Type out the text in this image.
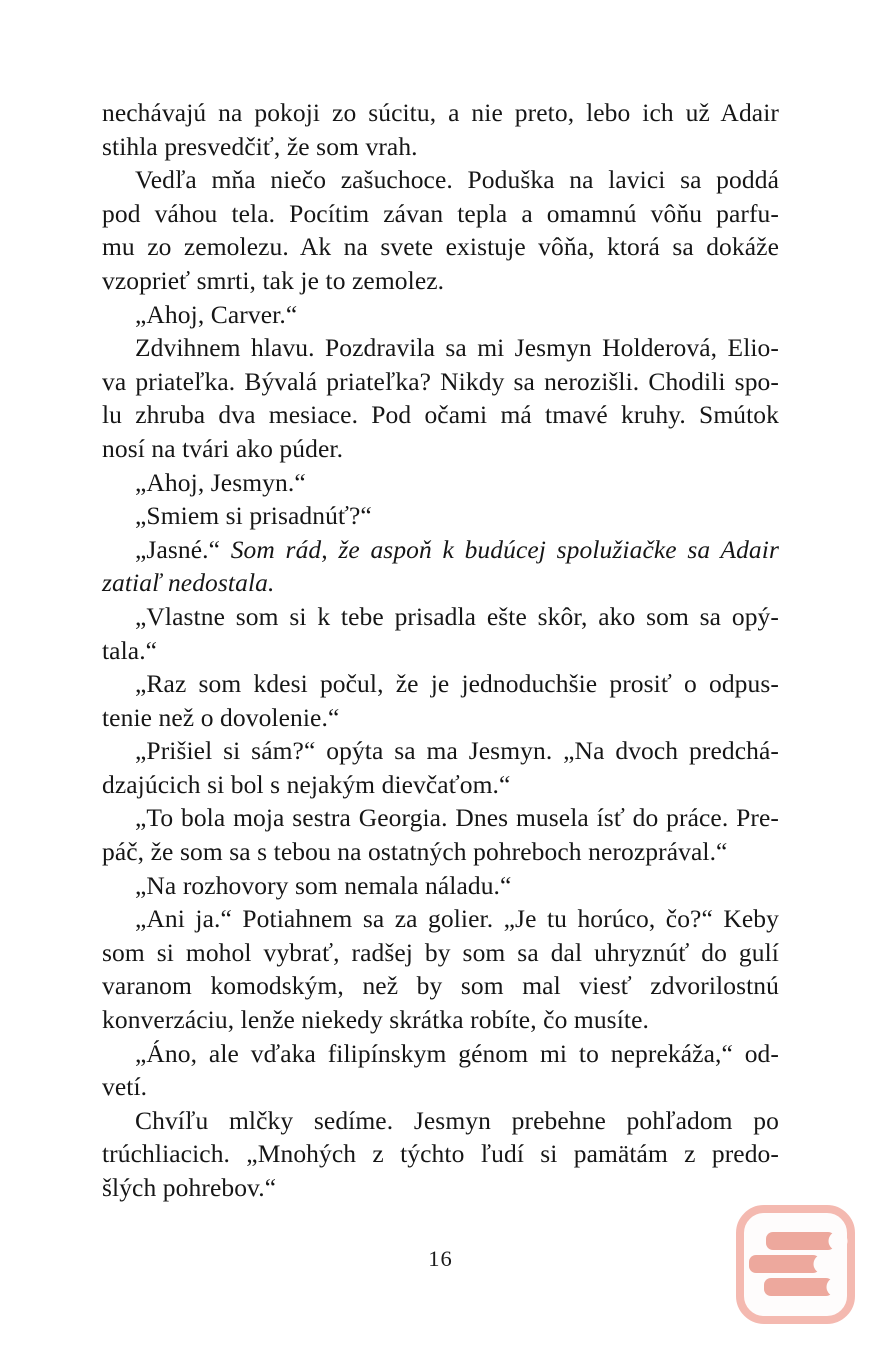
nechávajú na pokoji zo súcitu, a nie preto, lebo ich už Adair
stihla presvedčiť, že som vrah.
Vedľa mňa niečo zašuchoce. Poduška na lavici sa poddá
pod váhou tela. Pocítim závan tepla a omamnú vôňu parfu-
mu zo zemolezu. Ak na svete existuje vôňa, ktorá sa dokáže
vzoprieť smrti, tak je to zemolez.
„Ahoj, Carver.“
Zdvihnem hlavu. Pozdravila sa mi Jesmyn Holderová, Elio-
va priateľka. Bývalá priateľka? Nikdy sa nerozišli. Chodili spo-
lu zhruba dva mesiace. Pod očami má tmavé kruhy. Smútok
nosí na tvári ako púder.
„Ahoj, Jesmyn.“
„Smiem si prisadnúť?“
„Jasné.“ Som rád, že aspoň k budúcej spolužiačke sa Adair
zatiaľ nedostala.
„Vlastne som si k tebe prisadla ešte skôr, ako som sa opý-
tala.“
„Raz som kdesi počul, že je jednoduchšie prosiť o odpus-
tenie než o dovolenie.“
„Prišiel si sám?“ opýta sa ma Jesmyn. „Na dvoch predchá-
dzajúcich si bol s nejakým dievčaťom.“
„To bola moja sestra Georgia. Dnes musela ísť do práce. Pre-
páč, že som sa s tebou na ostatných pohreboch nerozprával.“
„Na rozhovory som nemala náladu.“
„Ani ja.“ Potiahnem sa za golier. „Je tu horúco, čo?“ Keby
som si mohol vybrať, radšej by som sa dal uhryznúť do gulí
varanom komodským, než by som mal viesť zdvorilostnú
konverzáciu, lenže niekedy skrátka robíte, čo musíte.
„Áno, ale vďaka filipínskym génom mi to neprekáža,“ od-
vetí.
Chvíľu mlčky sedíme. Jesmyn prebehne pohľadom po
trúchliacich. „Mnohých z týchto ľudí si pamätám z predo-
šlých pohrebov.“
16
